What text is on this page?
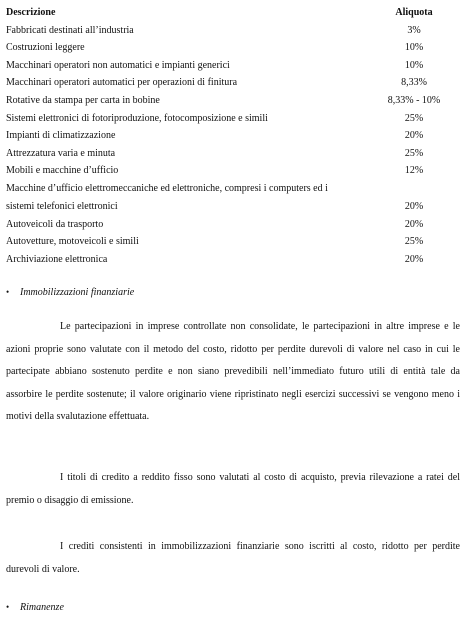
Descrizione	Aliquota
Fabbricati destinati all’industria	3%
Costruzioni leggere	10%
Macchinari operatori non automatici e impianti generici	10%
Macchinari operatori automatici per operazioni di finitura	8,33%
Rotative da stampa per carta in bobine	8,33% - 10%
Sistemi elettronici di fotoriproduzione, fotocomposizione e simili	25%
Impianti di climatizzazione	20%
Attrezzatura varia e minuta	25%
Mobili e macchine d’ufficio	12%

Macchine d’ufficio elettromeccaniche ed elettroniche, compresi i computers ed i
sistemi telefonici elettronici	20%

Autoveicoli da trasporto	20%
Autovetture, motoveicoli e simili	25%
Archiviazione elettronica	20%
• Immobilizzazioni finanziarie

Le partecipazioni in imprese controllate non consolidate, le partecipazioni in altre imprese e le azioni proprie sono valutate con il metodo del costo, ridotto per perdite durevoli di valore nel caso in cui le partecipate abbiano sostenuto perdite e non siano prevedibili nell’immediato futuro utili di entità tale da assorbire le perdite sostenute; il valore originario viene ripristinato negli esercizi successivi se vengono meno i motivi della svalutazione effettuata.

I titoli di credito a reddito fisso sono valutati al costo di acquisto, previa rilevazione a ratei del premio o disaggio di emissione.

I crediti consistenti in immobilizzazioni finanziarie sono iscritti al costo, ridotto per perdite durevoli di valore.

• Rimanenze
